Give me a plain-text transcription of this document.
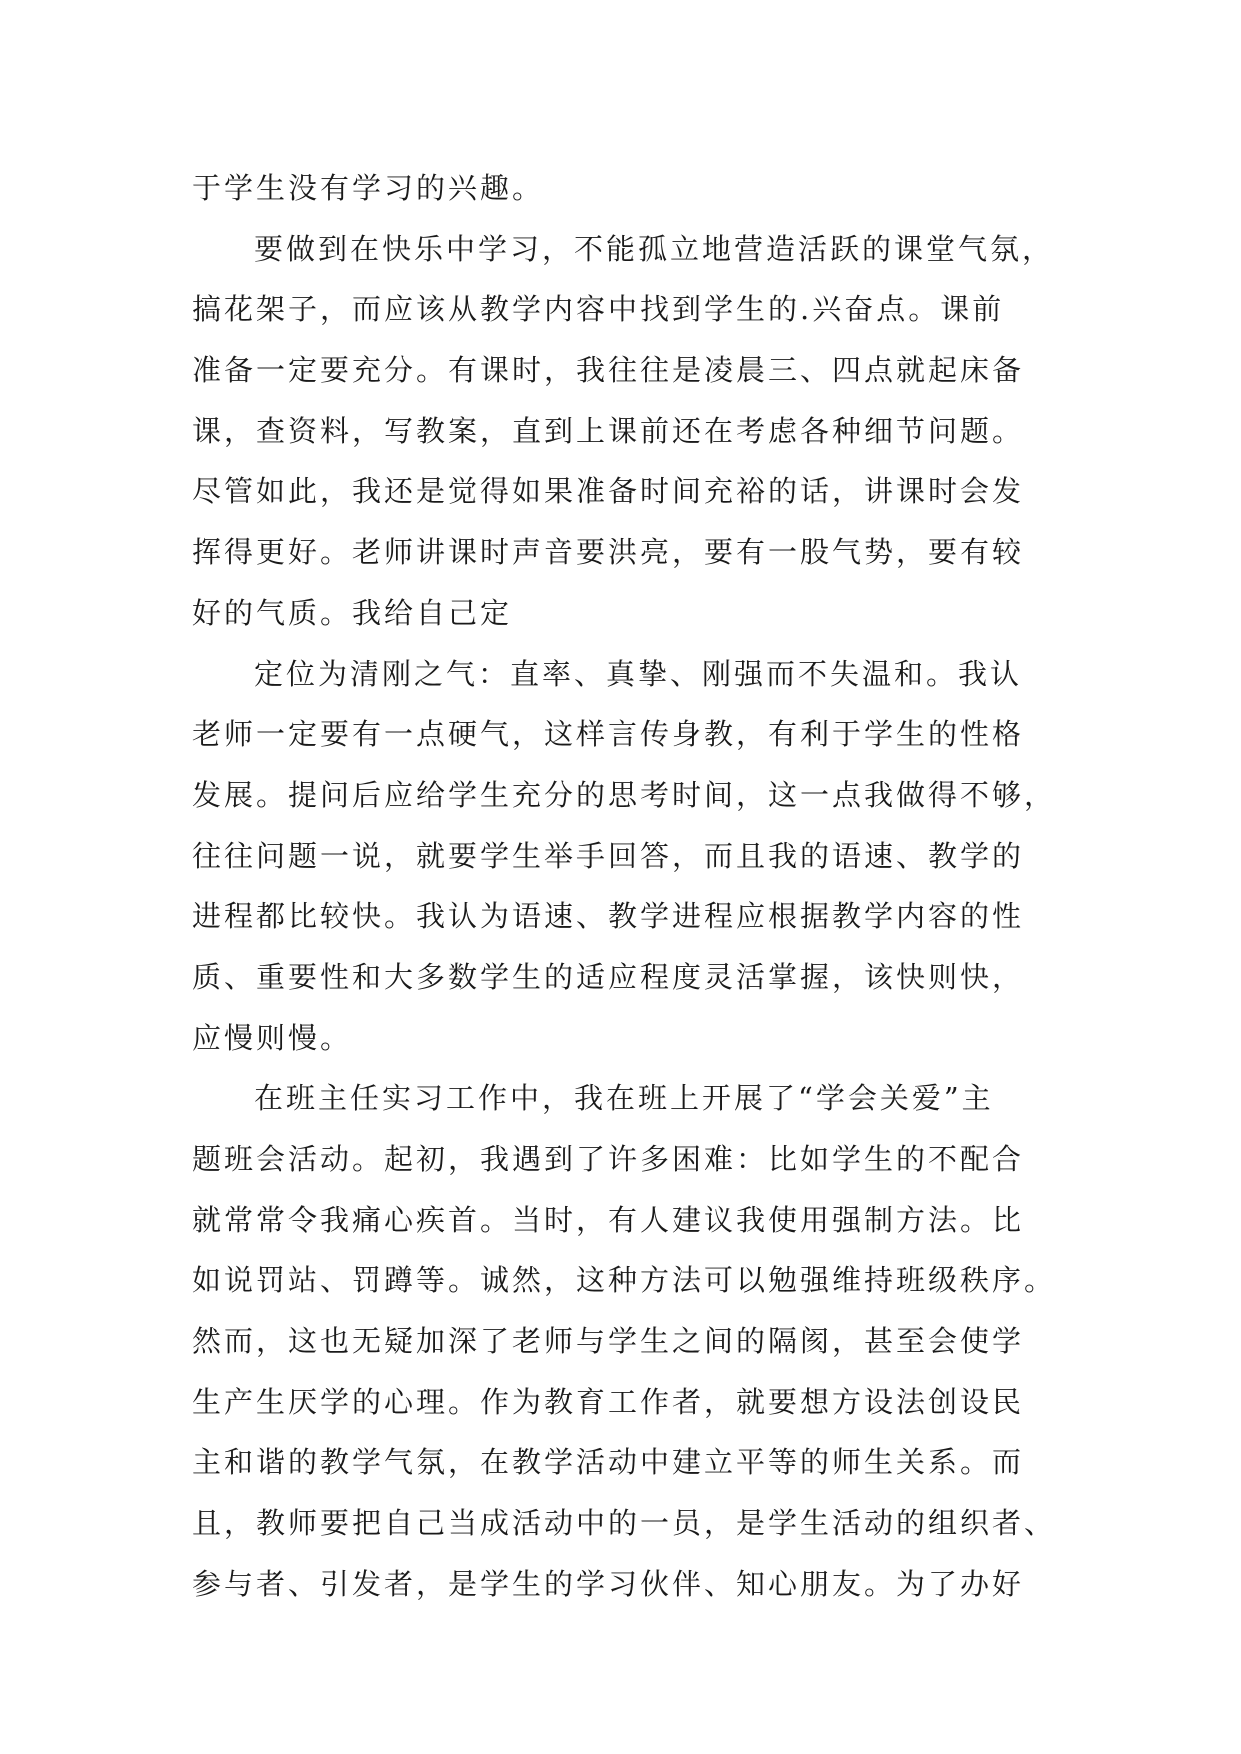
于学生没有学习的兴趣。
要做到在快乐中学习，不能孤立地营造活跃的课堂气氛，
搞花架子，而应该从教学内容中找到学生的.兴奋点。课前
准备一定要充分。有课时，我往往是凌晨三、四点就起床备
课，查资料，写教案，直到上课前还在考虑各种细节问题。
尽管如此，我还是觉得如果准备时间充裕的话，讲课时会发
挥得更好。老师讲课时声音要洪亮，要有一股气势，要有较
好的气质。我给自己定
定位为清刚之气：直率、真挚、刚强而不失温和。我认
老师一定要有一点硬气，这样言传身教，有利于学生的性格
发展。提问后应给学生充分的思考时间，这一点我做得不够，
往往问题一说，就要学生举手回答，而且我的语速、教学的
进程都比较快。我认为语速、教学进程应根据教学内容的性
质、重要性和大多数学生的适应程度灵活掌握，该快则快，
应慢则慢。
在班主任实习工作中，我在班上开展了“学会关爱”主
题班会活动。起初，我遇到了许多困难：比如学生的不配合
就常常令我痛心疾首。当时，有人建议我使用强制方法。比
如说罚站、罚蹲等。诚然，这种方法可以勉强维持班级秩序。
然而，这也无疑加深了老师与学生之间的隔阂，甚至会使学
生产生厌学的心理。作为教育工作者，就要想方设法创设民
主和谐的教学气氛，在教学活动中建立平等的师生关系。而
且，教师要把自己当成活动中的一员，是学生活动的组织者、
参与者、引发者，是学生的学习伙伴、知心朋友。为了办好
